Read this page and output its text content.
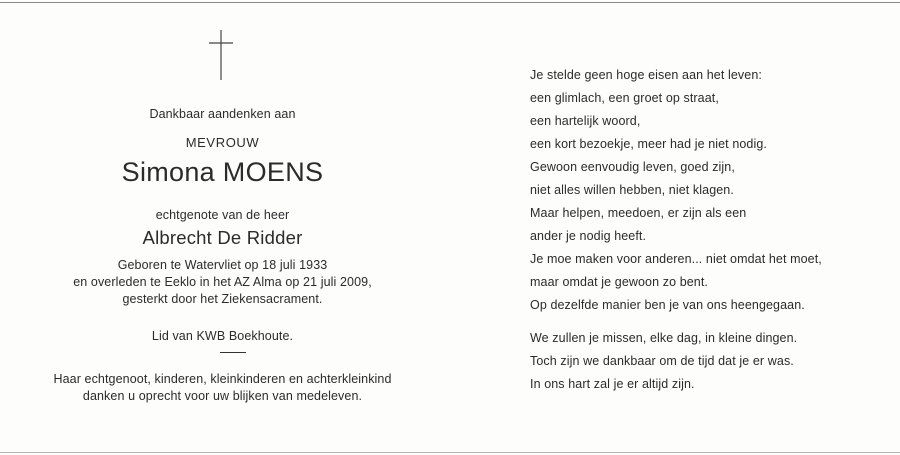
Dankbaar aandenken aan
MEVROUW
Simona MOENS
echtgenote van de heer
Albrecht De Ridder
Geboren te Watervliet op 18 juli 1933
en overleden te Eeklo in het AZ Alma op 21 juli 2009,
gesterkt door het Ziekensacrament.
Lid van KWB Boekhoute.
Haar echtgenoot, kinderen, kleinkinderen en achterkleinkind
danken u oprecht voor uw blijken van medeleven.
Je stelde geen hoge eisen aan het leven:
een glimlach, een groet op straat,
een hartelijk woord,
een kort bezoekje, meer had je niet nodig.
Gewoon eenvoudig leven, goed zijn,
niet alles willen hebben, niet klagen.
Maar helpen, meedoen, er zijn als een
ander je nodig heeft.
Je moe maken voor anderen... niet omdat het moet,
maar omdat je gewoon zo bent.
Op dezelfde manier ben je van ons heengegaan.
We zullen je missen, elke dag, in kleine dingen.
Toch zijn we dankbaar om de tijd dat je er was.
In ons hart zal je er altijd zijn.
